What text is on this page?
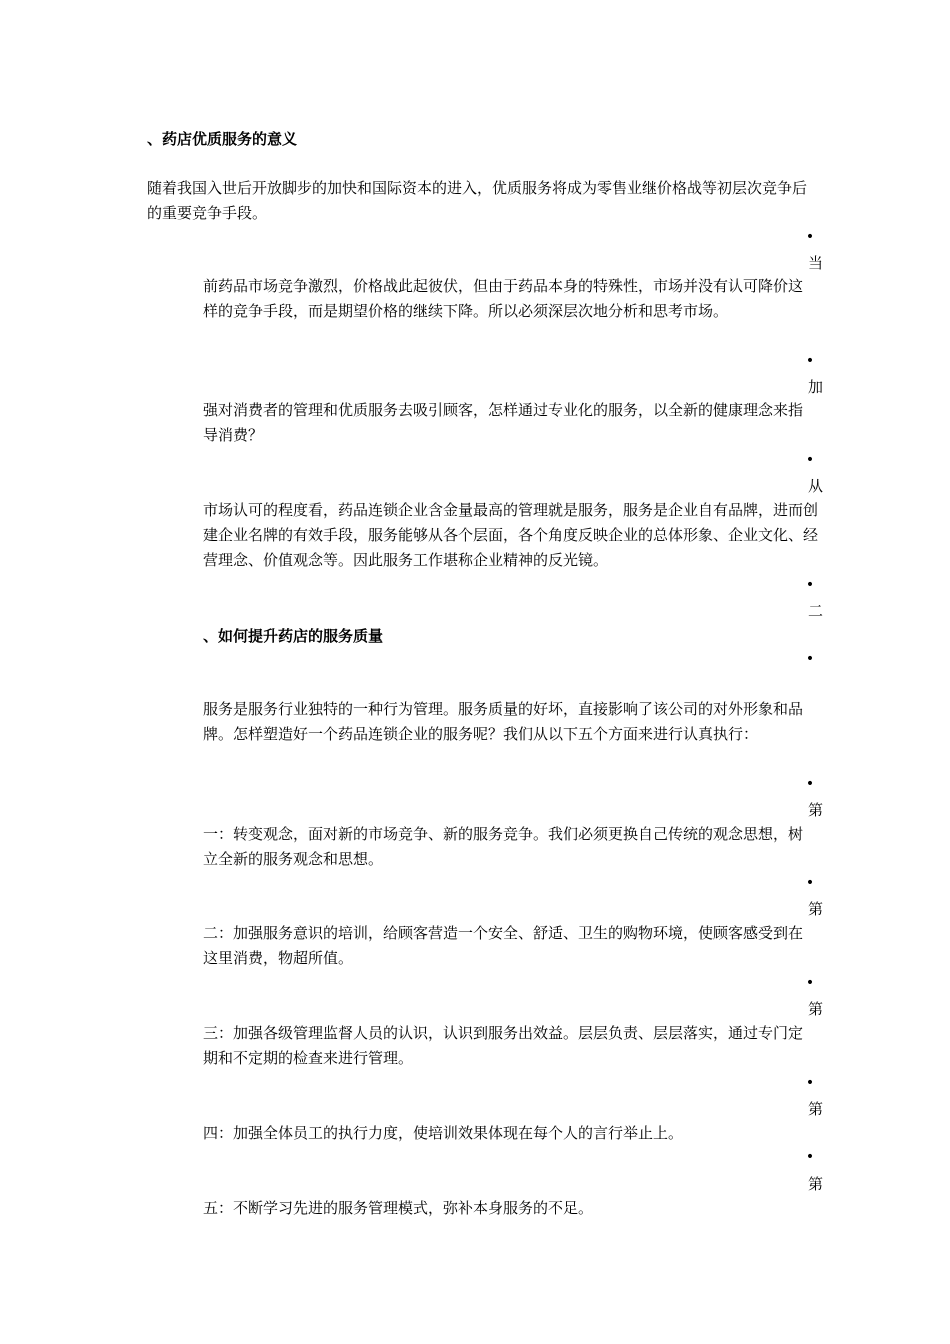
、药店优质服务的意义
随着我国入世后开放脚步的加快和国际资本的进入，优质服务将成为零售业继价格战等初层次竞争后的重要竞争手段。
•
当
前药品市场竞争激烈，价格战此起彼伏，但由于药品本身的特殊性，市场并没有认可降价这样的竞争手段，而是期望价格的继续下降。所以必须深层次地分析和思考市场。
•
加
强对消费者的管理和优质服务去吸引顾客，怎样通过专业化的服务，以全新的健康理念来指导消费？
•
从
市场认可的程度看，药品连锁企业含金量最高的管理就是服务，服务是企业自有品牌，进而创建企业名牌的有效手段，服务能够从各个层面，各个角度反映企业的总体形象、企业文化、经营理念、价值观念等。因此服务工作堪称企业精神的反光镜。
•
二
、如何提升药店的服务质量
•
服务是服务行业独特的一种行为管理。服务质量的好坏，直接影响了该公司的对外形象和品牌。怎样塑造好一个药品连锁企业的服务呢？我们从以下五个方面来进行认真执行：
•
第
一：转变观念，面对新的市场竞争、新的服务竞争。我们必须更换自己传统的观念思想，树立全新的服务观念和思想。
•
第
二：加强服务意识的培训，给顾客营造一个安全、舒适、卫生的购物环境，使顾客感受到在这里消费，物超所值。
•
第
三：加强各级管理监督人员的认识，认识到服务出效益。层层负责、层层落实，通过专门定期和不定期的检查来进行管理。
•
第
四：加强全体员工的执行力度，使培训效果体现在每个人的言行举止上。
•
第
五：不断学习先进的服务管理模式，弥补本身服务的不足。
